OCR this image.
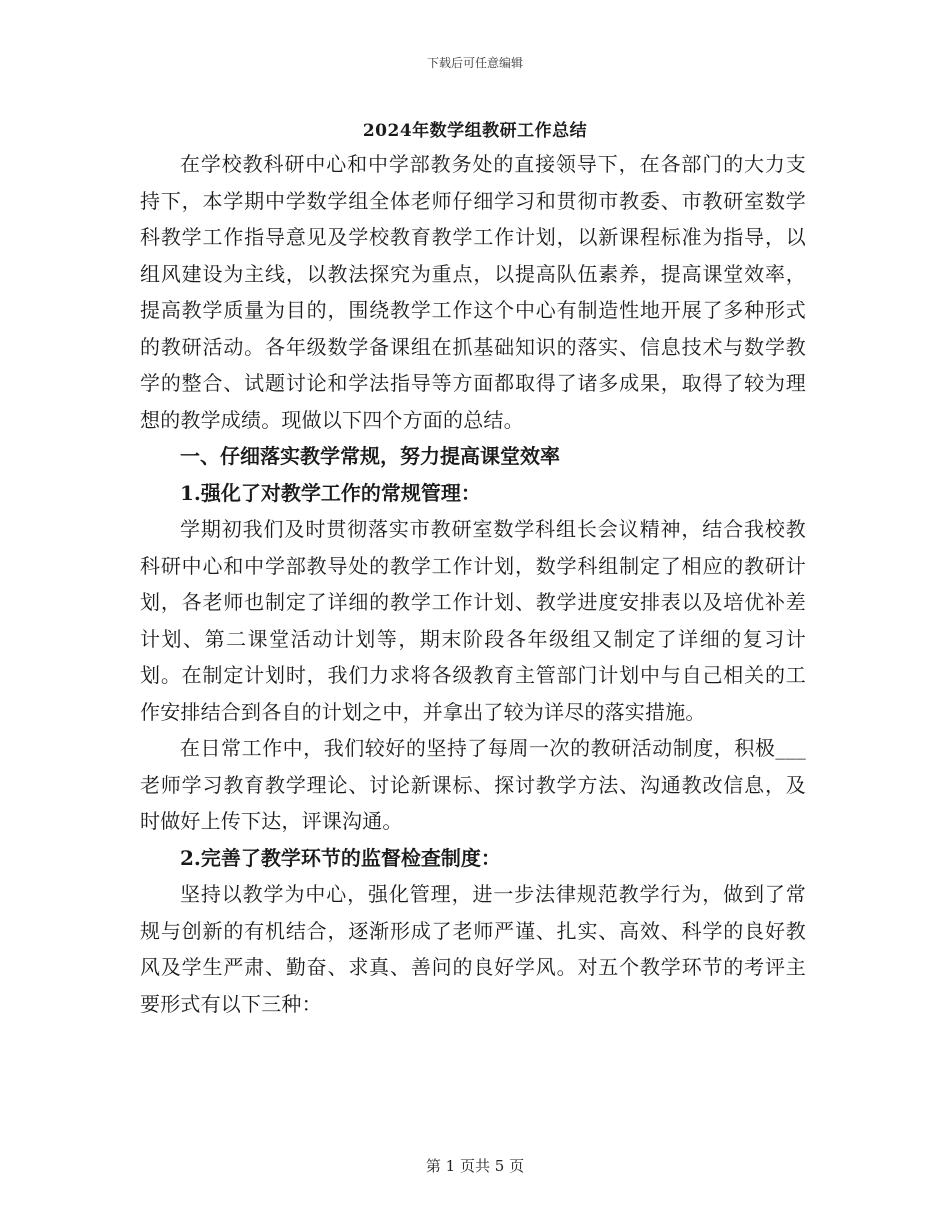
下载后可任意编辑
2024年数学组教研工作总结

在学校教科研中心和中学部教务处的直接领导下，在各部门的大力支持下，本学期中学数学组全体老师仔细学习和贯彻市教委、市教研室数学科教学工作指导意见及学校教育教学工作计划，以新课程标准为指导，以组风建设为主线，以教法探究为重点，以提高队伍素养，提高课堂效率，提高教学质量为目的，围绕教学工作这个中心有制造性地开展了多种形式的教研活动。各年级数学备课组在抓基础知识的落实、信息技术与数学教学的整合、试题讨论和学法指导等方面都取得了诸多成果，取得了较为理想的教学成绩。现做以下四个方面的总结。

一、仔细落实教学常规，努力提高课堂效率

1.强化了对教学工作的常规管理：

学期初我们及时贯彻落实市教研室数学科组长会议精神，结合我校教科研中心和中学部教导处的教学工作计划，数学科组制定了相应的教研计划，各老师也制定了详细的教学工作计划、教学进度安排表以及培优补差计划、第二课堂活动计划等，期末阶段各年级组又制定了详细的复习计划。在制定计划时，我们力求将各级教育主管部门计划中与自己相关的工作安排结合到各自的计划之中，并拿出了较为详尽的落实措施。

在日常工作中，我们较好的坚持了每周一次的教研活动制度，积极___老师学习教育教学理论、讨论新课标、探讨教学方法、沟通教改信息，及时做好上传下达，评课沟通。

2.完善了教学环节的监督检查制度：

坚持以教学为中心，强化管理，进一步法律规范教学行为，做到了常规与创新的有机结合，逐渐形成了老师严谨、扎实、高效、科学的良好教风及学生严肃、勤奋、求真、善问的良好学风。对五个教学环节的考评主要形式有以下三种：

第 1 页共 5 页
